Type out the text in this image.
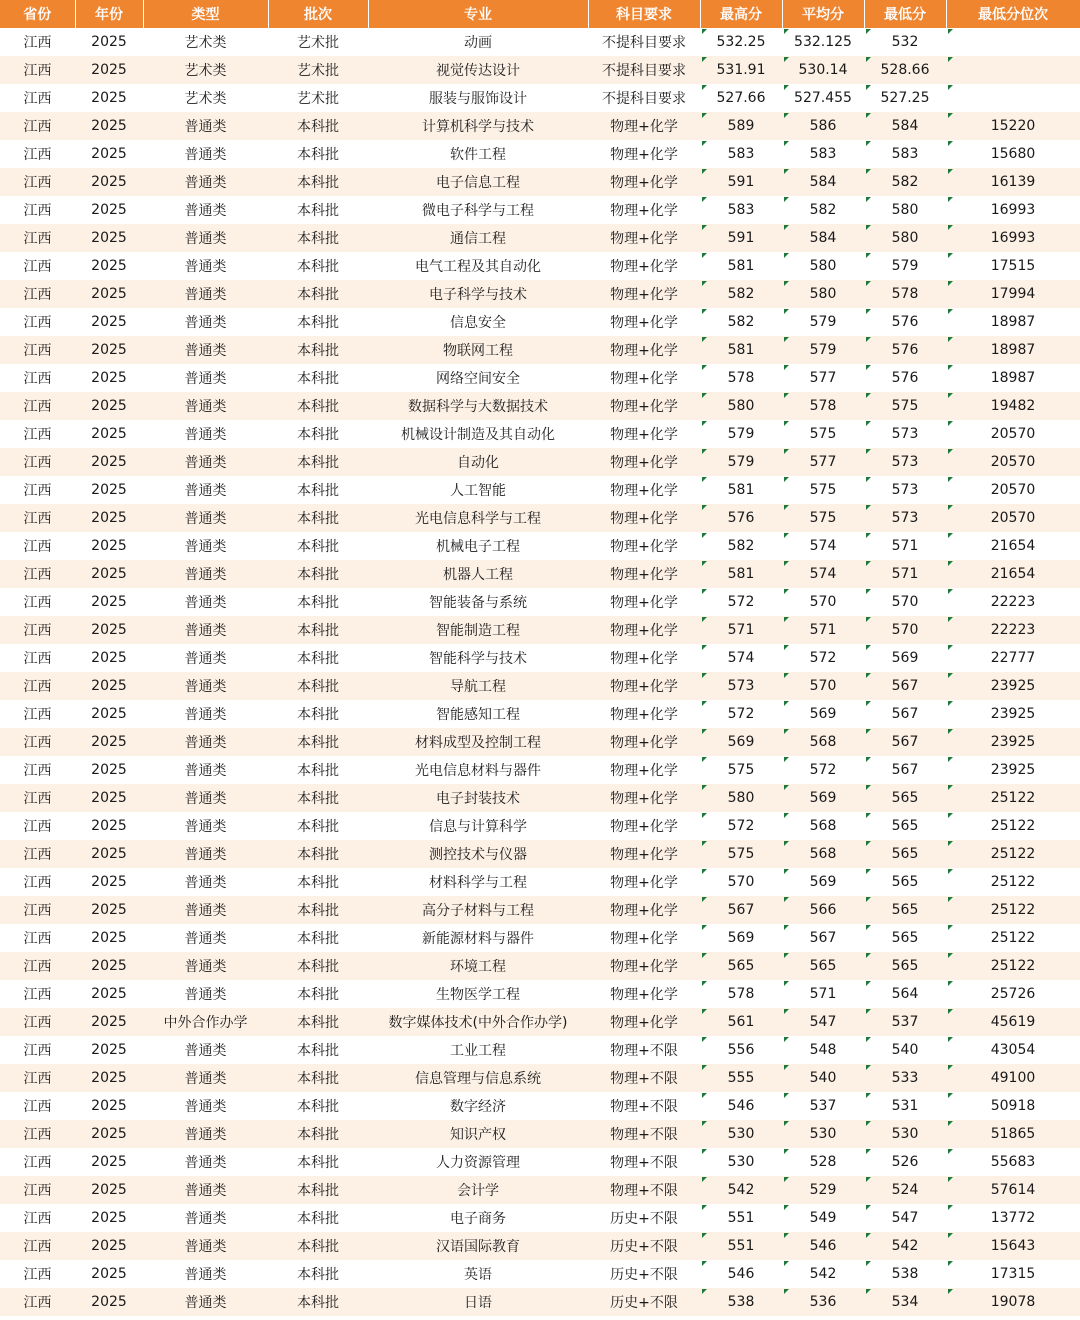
省份	年份	类型	批次	专业	科目要求	最高分	平均分	最低分	最低分位次
江西	2025	艺术类	艺术批	动画	不提科目要求	532.25	532.125	532	
江西	2025	艺术类	艺术批	视觉传达设计	不提科目要求	531.91	530.14	528.66	
江西	2025	艺术类	艺术批	服装与服饰设计	不提科目要求	527.66	527.455	527.25	
江西	2025	普通类	本科批	计算机科学与技术	物理+化学	589	586	584	15220
江西	2025	普通类	本科批	软件工程	物理+化学	583	583	583	15680
江西	2025	普通类	本科批	电子信息工程	物理+化学	591	584	582	16139
江西	2025	普通类	本科批	微电子科学与工程	物理+化学	583	582	580	16993
江西	2025	普通类	本科批	通信工程	物理+化学	591	584	580	16993
江西	2025	普通类	本科批	电气工程及其自动化	物理+化学	581	580	579	17515
江西	2025	普通类	本科批	电子科学与技术	物理+化学	582	580	578	17994
江西	2025	普通类	本科批	信息安全	物理+化学	582	579	576	18987
江西	2025	普通类	本科批	物联网工程	物理+化学	581	579	576	18987
江西	2025	普通类	本科批	网络空间安全	物理+化学	578	577	576	18987
江西	2025	普通类	本科批	数据科学与大数据技术	物理+化学	580	578	575	19482
江西	2025	普通类	本科批	机械设计制造及其自动化	物理+化学	579	575	573	20570
江西	2025	普通类	本科批	自动化	物理+化学	579	577	573	20570
江西	2025	普通类	本科批	人工智能	物理+化学	581	575	573	20570
江西	2025	普通类	本科批	光电信息科学与工程	物理+化学	576	575	573	20570
江西	2025	普通类	本科批	机械电子工程	物理+化学	582	574	571	21654
江西	2025	普通类	本科批	机器人工程	物理+化学	581	574	571	21654
江西	2025	普通类	本科批	智能装备与系统	物理+化学	572	570	570	22223
江西	2025	普通类	本科批	智能制造工程	物理+化学	571	571	570	22223
江西	2025	普通类	本科批	智能科学与技术	物理+化学	574	572	569	22777
江西	2025	普通类	本科批	导航工程	物理+化学	573	570	567	23925
江西	2025	普通类	本科批	智能感知工程	物理+化学	572	569	567	23925
江西	2025	普通类	本科批	材料成型及控制工程	物理+化学	569	568	567	23925
江西	2025	普通类	本科批	光电信息材料与器件	物理+化学	575	572	567	23925
江西	2025	普通类	本科批	电子封装技术	物理+化学	580	569	565	25122
江西	2025	普通类	本科批	信息与计算科学	物理+化学	572	568	565	25122
江西	2025	普通类	本科批	测控技术与仪器	物理+化学	575	568	565	25122
江西	2025	普通类	本科批	材料科学与工程	物理+化学	570	569	565	25122
江西	2025	普通类	本科批	高分子材料与工程	物理+化学	567	566	565	25122
江西	2025	普通类	本科批	新能源材料与器件	物理+化学	569	567	565	25122
江西	2025	普通类	本科批	环境工程	物理+化学	565	565	565	25122
江西	2025	普通类	本科批	生物医学工程	物理+化学	578	571	564	25726
江西	2025	中外合作办学	本科批	数字媒体技术(中外合作办学)	物理+化学	561	547	537	45619
江西	2025	普通类	本科批	工业工程	物理+不限	556	548	540	43054
江西	2025	普通类	本科批	信息管理与信息系统	物理+不限	555	540	533	49100
江西	2025	普通类	本科批	数字经济	物理+不限	546	537	531	50918
江西	2025	普通类	本科批	知识产权	物理+不限	530	530	530	51865
江西	2025	普通类	本科批	人力资源管理	物理+不限	530	528	526	55683
江西	2025	普通类	本科批	会计学	物理+不限	542	529	524	57614
江西	2025	普通类	本科批	电子商务	历史+不限	551	549	547	13772
江西	2025	普通类	本科批	汉语国际教育	历史+不限	551	546	542	15643
江西	2025	普通类	本科批	英语	历史+不限	546	542	538	17315
江西	2025	普通类	本科批	日语	历史+不限	538	536	534	19078
